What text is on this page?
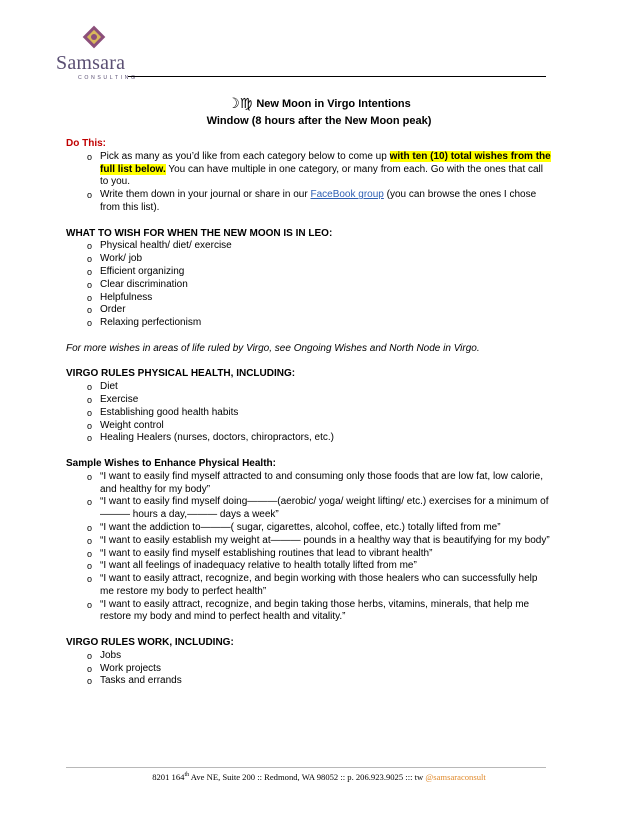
Samsara
CONSULTING
☽♍ New Moon in Virgo Intentions
Window (8 hours after the New Moon peak)
Do This:
o Pick as many as you’d like from each category below to come up with ten (10) total wishes from the full list below. You can have multiple in one category, or many from each. Go with the ones that call to you.
o Write them down in your journal or share in our FaceBook group (you can browse the ones I chose from this list).
WHAT TO WISH FOR WHEN THE NEW MOON IS IN LEO:
o Physical health/ diet/ exercise
o Work/ job
o Efficient organizing
o Clear discrimination
o Helpfulness
o Order
o Relaxing perfectionism
For more wishes in areas of life ruled by Virgo, see Ongoing Wishes and North Node in Virgo.
VIRGO RULES PHYSICAL HEALTH, INCLUDING:
o Diet
o Exercise
o Establishing good health habits
o Weight control
o Healing Healers (nurses, doctors, chiropractors, etc.)
Sample Wishes to Enhance Physical Health:
o “I want to easily find myself attracted to and consuming only those foods that are low fat, low calorie, and healthy for my body”
o “I want to easily find myself doing———(aerobic/ yoga/ weight lifting/ etc.) exercises for a minimum of——— hours a day,——— days a week”
o “I want the addiction to———( sugar, cigarettes, alcohol, coffee, etc.) totally lifted from me”
o “I want to easily establish my weight at——— pounds in a healthy way that is beautifying for my body”
o “I want to easily find myself establishing routines that lead to vibrant health”
o “I want all feelings of inadequacy relative to health totally lifted from me”
o “I want to easily attract, recognize, and begin working with those healers who can successfully help me restore my body to perfect health”
o “I want to easily attract, recognize, and begin taking those herbs, vitamins, minerals, that help me restore my body and mind to perfect health and vitality.”
VIRGO RULES WORK, INCLUDING:
o Jobs
o Work projects
o Tasks and errands
8201 164th Ave NE, Suite 200 :: Redmond, WA 98052 :: p. 206.923.9025 ::: tw @samsaraconsult
